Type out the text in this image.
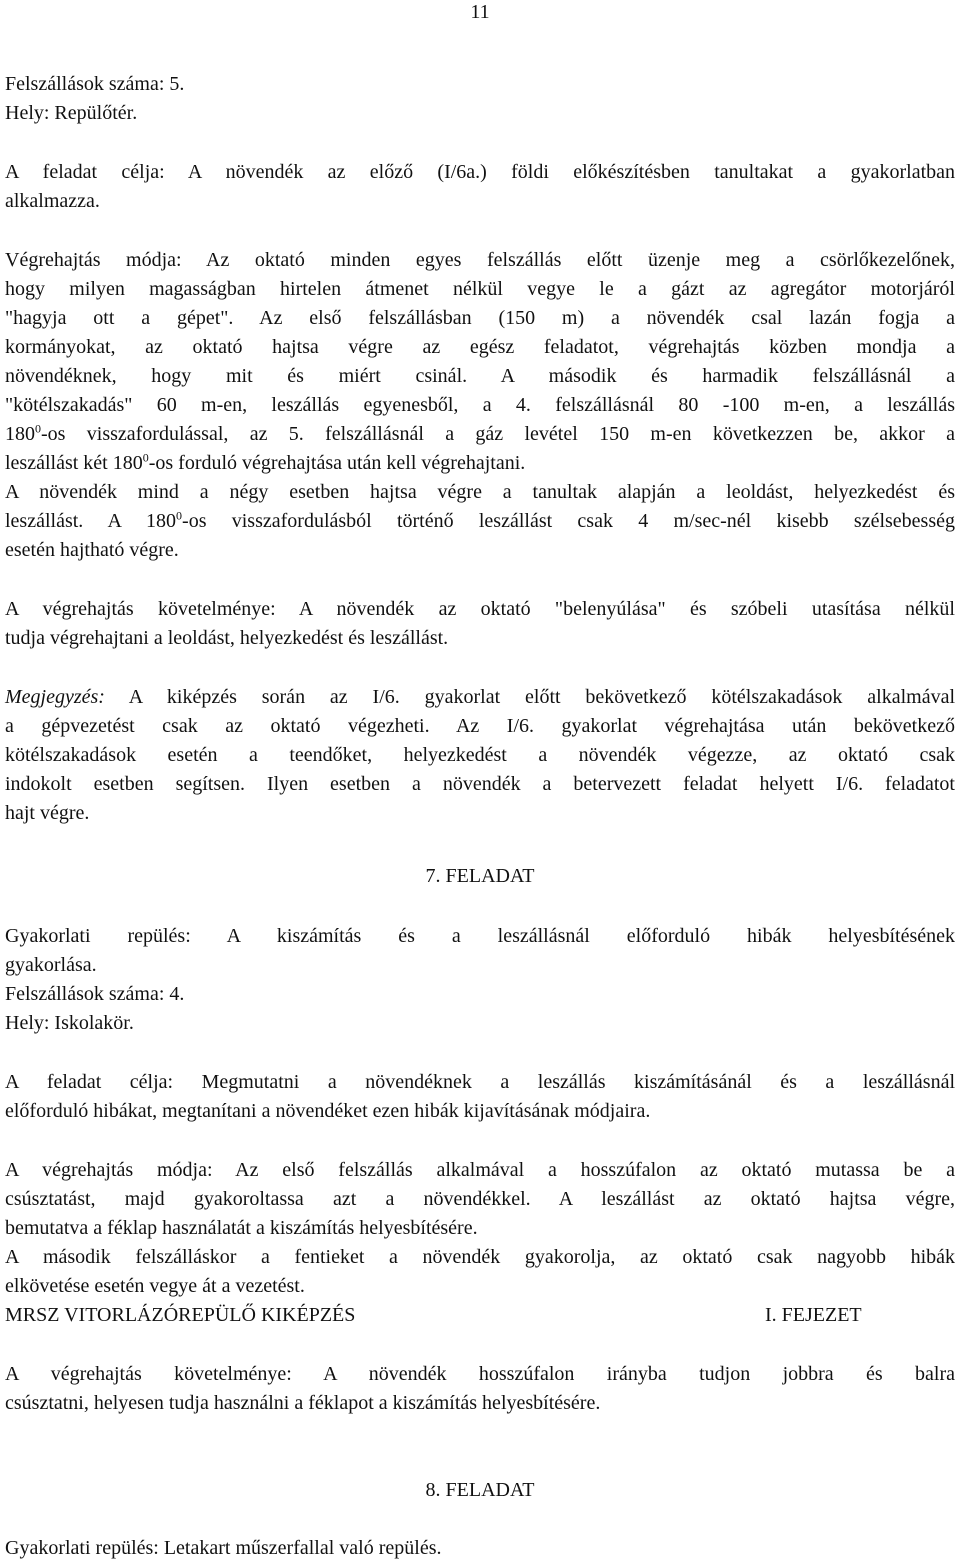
11
Felszállások száma: 5.
Hely: Repülőtér.
A feladat célja: A növendék az előző (I/6a.) földi előkészítésben tanultakat a gyakorlatban
alkalmazza.
Végrehajtás módja: Az oktató minden egyes felszállás előtt üzenje meg a csörlőkezelőnek,
hogy milyen magasságban hirtelen átmenet nélkül vegye le a gázt az agregátor motorjáról
"hagyja ott a gépet". Az első felszállásban (150 m) a növendék csal lazán fogja a
kormányokat, az oktató hajtsa végre az egész feladatot, végrehajtás közben mondja a
növendéknek, hogy mit és miért csinál. A második és harmadik felszállásnál a
"kötélszakadás" 60 m-en, leszállás egyenesből, a 4. felszállásnál 80 -100 m-en, a leszállás
$180^0-os$ visszafordulással, az 5. felszállásnál a gáz levétel 150 m-en következzen be, akkor a
leszállást két $180^0-os$ forduló végrehajtása után kell végrehajtani.
A növendék mind a négy esetben hajtsa végre a tanultak alapján a leoldást, helyezkedést és
leszállást. A $180^0-os$ visszafordulásból történő leszállást csak 4 m/sec-nél kisebb szélsebesség
esetén hajtható végre.
A végrehajtás követelménye: A növendék az oktató "belenyúlása" és szóbeli utasítása nélkül
tudja végrehajtani a leoldást, helyezkedést és leszállást.
Megjegyzés: A kiképzés során az I/6. gyakorlat előtt bekövetkező kötélszakadások alkalmával
a gépvezetést csak az oktató végezheti. Az I/6. gyakorlat végrehajtása után bekövetkező
kötélszakadások esetén a teendőket, helyezkedést a növendék végezze, az oktató csak
indokolt esetben segítsen. Ilyen esetben a növendék a betervezett feladat helyett I/6. feladatot
hajt végre.
7. FELADAT
Gyakorlati repülés: A kiszámítás és a leszállásnál előforduló hibák helyesbítésének
gyakorlása.
Felszállások száma: 4.
Hely: Iskolakör.
A feladat célja: Megmutatni a növendéknek a leszállás kiszámításánál és a leszállásnál
előforduló hibákat, megtanítani a növendéket ezen hibák kijavításának módjaira.
A végrehajtás módja: Az első felszállás alkalmával a hosszúfalon az oktató mutassa be a
csúsztatást, majd gyakoroltassa azt a növendékkel. A leszállást az oktató hajtsa végre,
bemutatva a féklap használatát a kiszámítás helyesbítésére.
A második felszálláskor a fentieket a növendék gyakorolja, az oktató csak nagyobb hibák
elkövetése esetén vegye át a vezetést.
MRSZ VITORLÁZÓREPÜLŐ KIKÉPZÉS	I. FEJEZET
A végrehajtás követelménye: A növendék hosszúfalon irányba tudjon jobbra és balra
csúsztatni, helyesen tudja használni a féklapot a kiszámítás helyesbítésére.
8. FELADAT
Gyakorlati repülés: Letakart műszerfallal való repülés.
